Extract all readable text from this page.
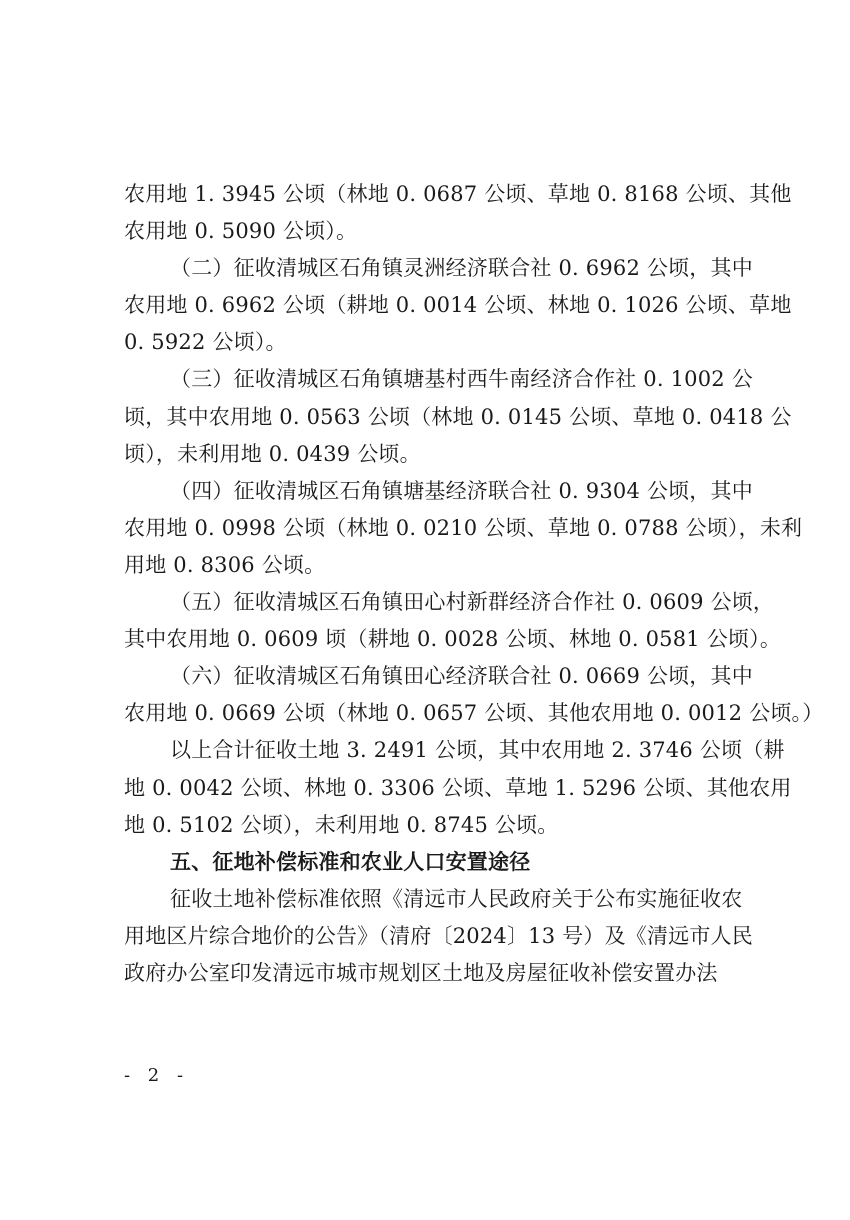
农用地 1. 3945 公顷（林地 0. 0687 公顷、草地 0. 8168 公顷、其他
农用地 0. 5090 公顷）。
（二）征收清城区石角镇灵洲经济联合社 0. 6962 公顷，其中
农用地 0. 6962 公顷（耕地 0. 0014 公顷、林地 0. 1026 公顷、草地
0. 5922 公顷）。
（三）征收清城区石角镇塘基村西牛南经济合作社 0. 1002 公
顷，其中农用地 0. 0563 公顷（林地 0. 0145 公顷、草地 0. 0418 公
顷），未利用地 0. 0439 公顷。
（四）征收清城区石角镇塘基经济联合社 0. 9304 公顷，其中
农用地 0. 0998 公顷（林地 0. 0210 公顷、草地 0. 0788 公顷），未利
用地 0. 8306 公顷。
（五）征收清城区石角镇田心村新群经济合作社 0. 0609 公顷，
其中农用地 0. 0609 顷（耕地 0. 0028 公顷、林地 0. 0581 公顷）。
（六）征收清城区石角镇田心经济联合社 0. 0669 公顷，其中
农用地 0. 0669 公顷（林地 0. 0657 公顷、其他农用地 0. 0012 公顷。）
以上合计征收土地 3. 2491 公顷，其中农用地 2. 3746 公顷（耕
地 0. 0042 公顷、林地 0. 3306 公顷、草地 1. 5296 公顷、其他农用
地 0. 5102 公顷），未利用地 0. 8745 公顷。
五、征地补偿标准和农业人口安置途径
征收土地补偿标准依照《清远市人民政府关于公布实施征收农
用地区片综合地价的公告》（清府〔2024〕13 号）及《清远市人民
政府办公室印发清远市城市规划区土地及房屋征收补偿安置办法
- 2 -
